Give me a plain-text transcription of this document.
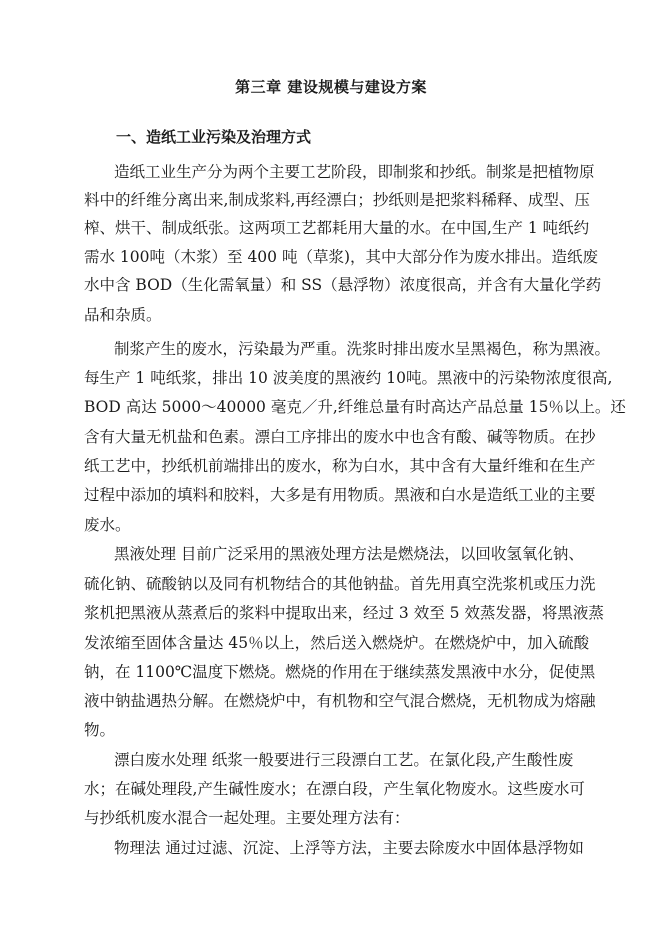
第三章 建设规模与建设方案
一、造纸工业污染及治理方式
造纸工业生产分为两个主要工艺阶段，即制浆和抄纸。制浆是把植物原
料中的纤维分离出来,制成浆料,再经漂白；抄纸则是把浆料稀释、成型、压
榨、烘干、制成纸张。这两项工艺都耗用大量的水。在中国,生产 1 吨纸约
需水 100吨（木浆）至 400 吨（草浆)，其中大部分作为废水排出。造纸废
水中含 BOD（生化需氧量）和 SS（悬浮物）浓度很高，并含有大量化学药
品和杂质。
制浆产生的废水，污染最为严重。洗浆时排出废水呈黑褐色，称为黑液。
每生产 1 吨纸浆，排出 10 波美度的黑液约 10吨。黑液中的污染物浓度很高,
BOD 高达 5000～40000 毫克／升,纤维总量有时高达产品总量 15％以上。还
含有大量无机盐和色素。漂白工序排出的废水中也含有酸、碱等物质。在抄
纸工艺中，抄纸机前端排出的废水，称为白水，其中含有大量纤维和在生产
过程中添加的填料和胶料，大多是有用物质。黑液和白水是造纸工业的主要
废水。
黑液处理 目前广泛采用的黑液处理方法是燃烧法，以回收氢氧化钠、
硫化钠、硫酸钠以及同有机物结合的其他钠盐。首先用真空洗浆机或压力洗
浆机把黑液从蒸煮后的浆料中提取出来，经过 3 效至 5 效蒸发器，将黑液蒸
发浓缩至固体含量达 45％以上，然后送入燃烧炉。在燃烧炉中，加入硫酸
钠，在 1100℃温度下燃烧。燃烧的作用在于继续蒸发黑液中水分，促使黑
液中钠盐遇热分解。在燃烧炉中，有机物和空气混合燃烧，无机物成为熔融
物。
漂白废水处理 纸浆一般要进行三段漂白工艺。在氯化段,产生酸性废
水；在碱处理段,产生碱性废水；在漂白段，产生氧化物废水。这些废水可
与抄纸机废水混合一起处理。主要处理方法有：
物理法 通过过滤、沉淀、上浮等方法，主要去除废水中固体悬浮物如
